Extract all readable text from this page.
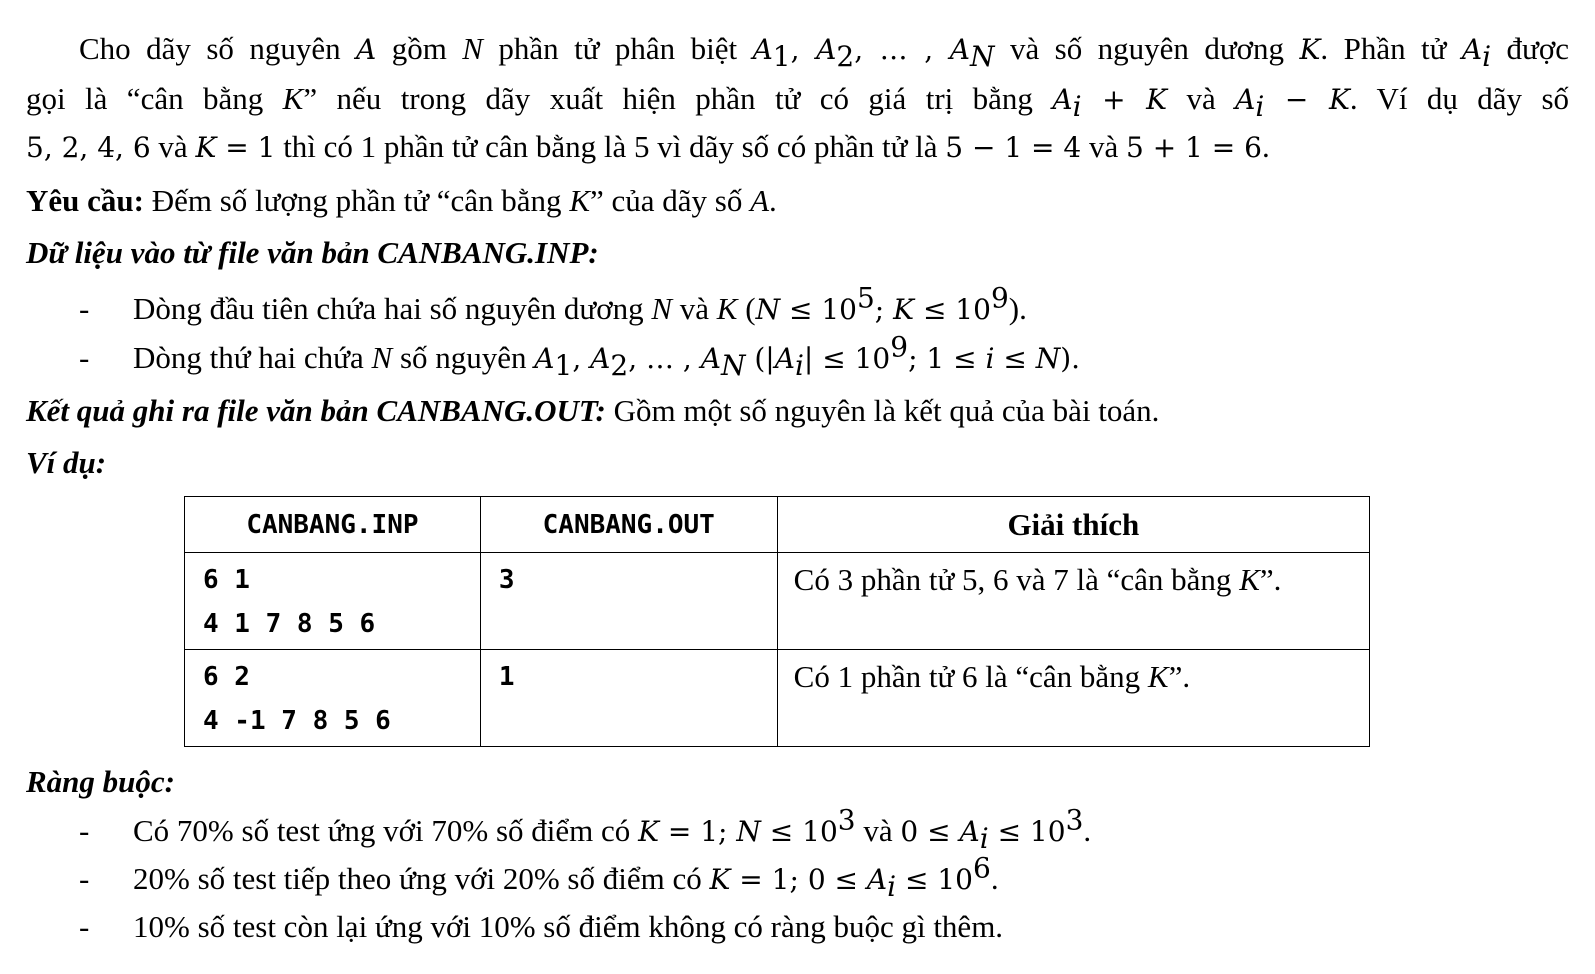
Cho dãy số nguyên A gồm N phần tử phân biệt $A_1$, $A_2$, … , $A_N$ và số nguyên dương K. Phần tử $A_i$ được
gọi là “cân bằng K” nếu trong dãy xuất hiện phần tử có giá trị bằng $A_i + K$ và $A_i - K$. Ví dụ dãy số
5, 2, 4, 6 và K = 1 thì có 1 phần tử cân bằng là 5 vì dãy số có phần tử là 5 − 1 = 4 và 5 + 1 = 6.
Yêu cầu: Đếm số lượng phần tử “cân bằng K” của dãy số A.
Dữ liệu vào từ file văn bản CANBANG.INP:
- Dòng đầu tiên chứa hai số nguyên dương N và K ($N \le 10^5$; $K \le 10^9$).
- Dòng thứ hai chứa N số nguyên $A_1$, $A_2$, … , $A_N$ ($|A_i| \le 10^9$; 1 ≤ i ≤ N).
Kết quả ghi ra file văn bản CANBANG.OUT: Gồm một số nguyên là kết quả của bài toán.
Ví dụ:
CANBANG.INP	CANBANG.OUT	Giải thích

6 1
4 1 7 8 5 6	3	Có 3 phần tử 5, 6 và 7 là “cân bằng K”.

6 2
4 -1 7 8 5 6	1	Có 1 phần tử 6 là “cân bằng K”.
Ràng buộc:
- Có 70% số test ứng với 70% số điểm có K = 1; $N \le 10^3$ và $0 \le A_i \le 10^3$.
- 20% số test tiếp theo ứng với 20% số điểm có K = 1; $0 \le A_i \le 10^6$.
- 10% số test còn lại ứng với 10% số điểm không có ràng buộc gì thêm.
